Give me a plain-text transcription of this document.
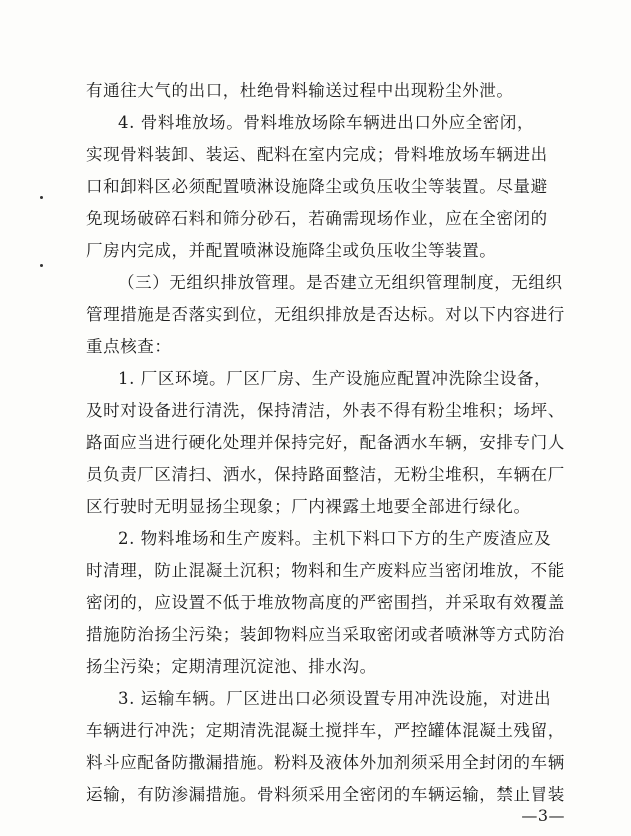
有通往大气的出口，杜绝骨料输送过程中出现粉尘外泄。
4. 骨料堆放场。骨料堆放场除车辆进出口外应全密闭，
实现骨料装卸、装运、配料在室内完成；骨料堆放场车辆进出
口和卸料区必须配置喷淋设施降尘或负压收尘等装置。尽量避
免现场破碎石料和筛分砂石，若确需现场作业，应在全密闭的
厂房内完成，并配置喷淋设施降尘或负压收尘等装置。
（三）无组织排放管理。是否建立无组织管理制度，无组织
管理措施是否落实到位，无组织排放是否达标。对以下内容进行
重点核查：
1. 厂区环境。厂区厂房、生产设施应配置冲洗除尘设备，
及时对设备进行清洗，保持清洁，外表不得有粉尘堆积；场坪、
路面应当进行硬化处理并保持完好，配备洒水车辆，安排专门人
员负责厂区清扫、洒水，保持路面整洁，无粉尘堆积，车辆在厂
区行驶时无明显扬尘现象；厂内裸露土地要全部进行绿化。
2. 物料堆场和生产废料。主机下料口下方的生产废渣应及
时清理，防止混凝土沉积；物料和生产废料应当密闭堆放，不能
密闭的，应设置不低于堆放物高度的严密围挡，并采取有效覆盖
措施防治扬尘污染；装卸物料应当采取密闭或者喷淋等方式防治
扬尘污染；定期清理沉淀池、排水沟。
3. 运输车辆。厂区进出口必须设置专用冲洗设施，对进出
车辆进行冲洗；定期清洗混凝土搅拌车，严控罐体混凝土残留，
料斗应配备防撒漏措施。粉料及液体外加剂须采用全封闭的车辆
运输，有防渗漏措施。骨料须采用全密闭的车辆运输，禁止冒装
—3—
